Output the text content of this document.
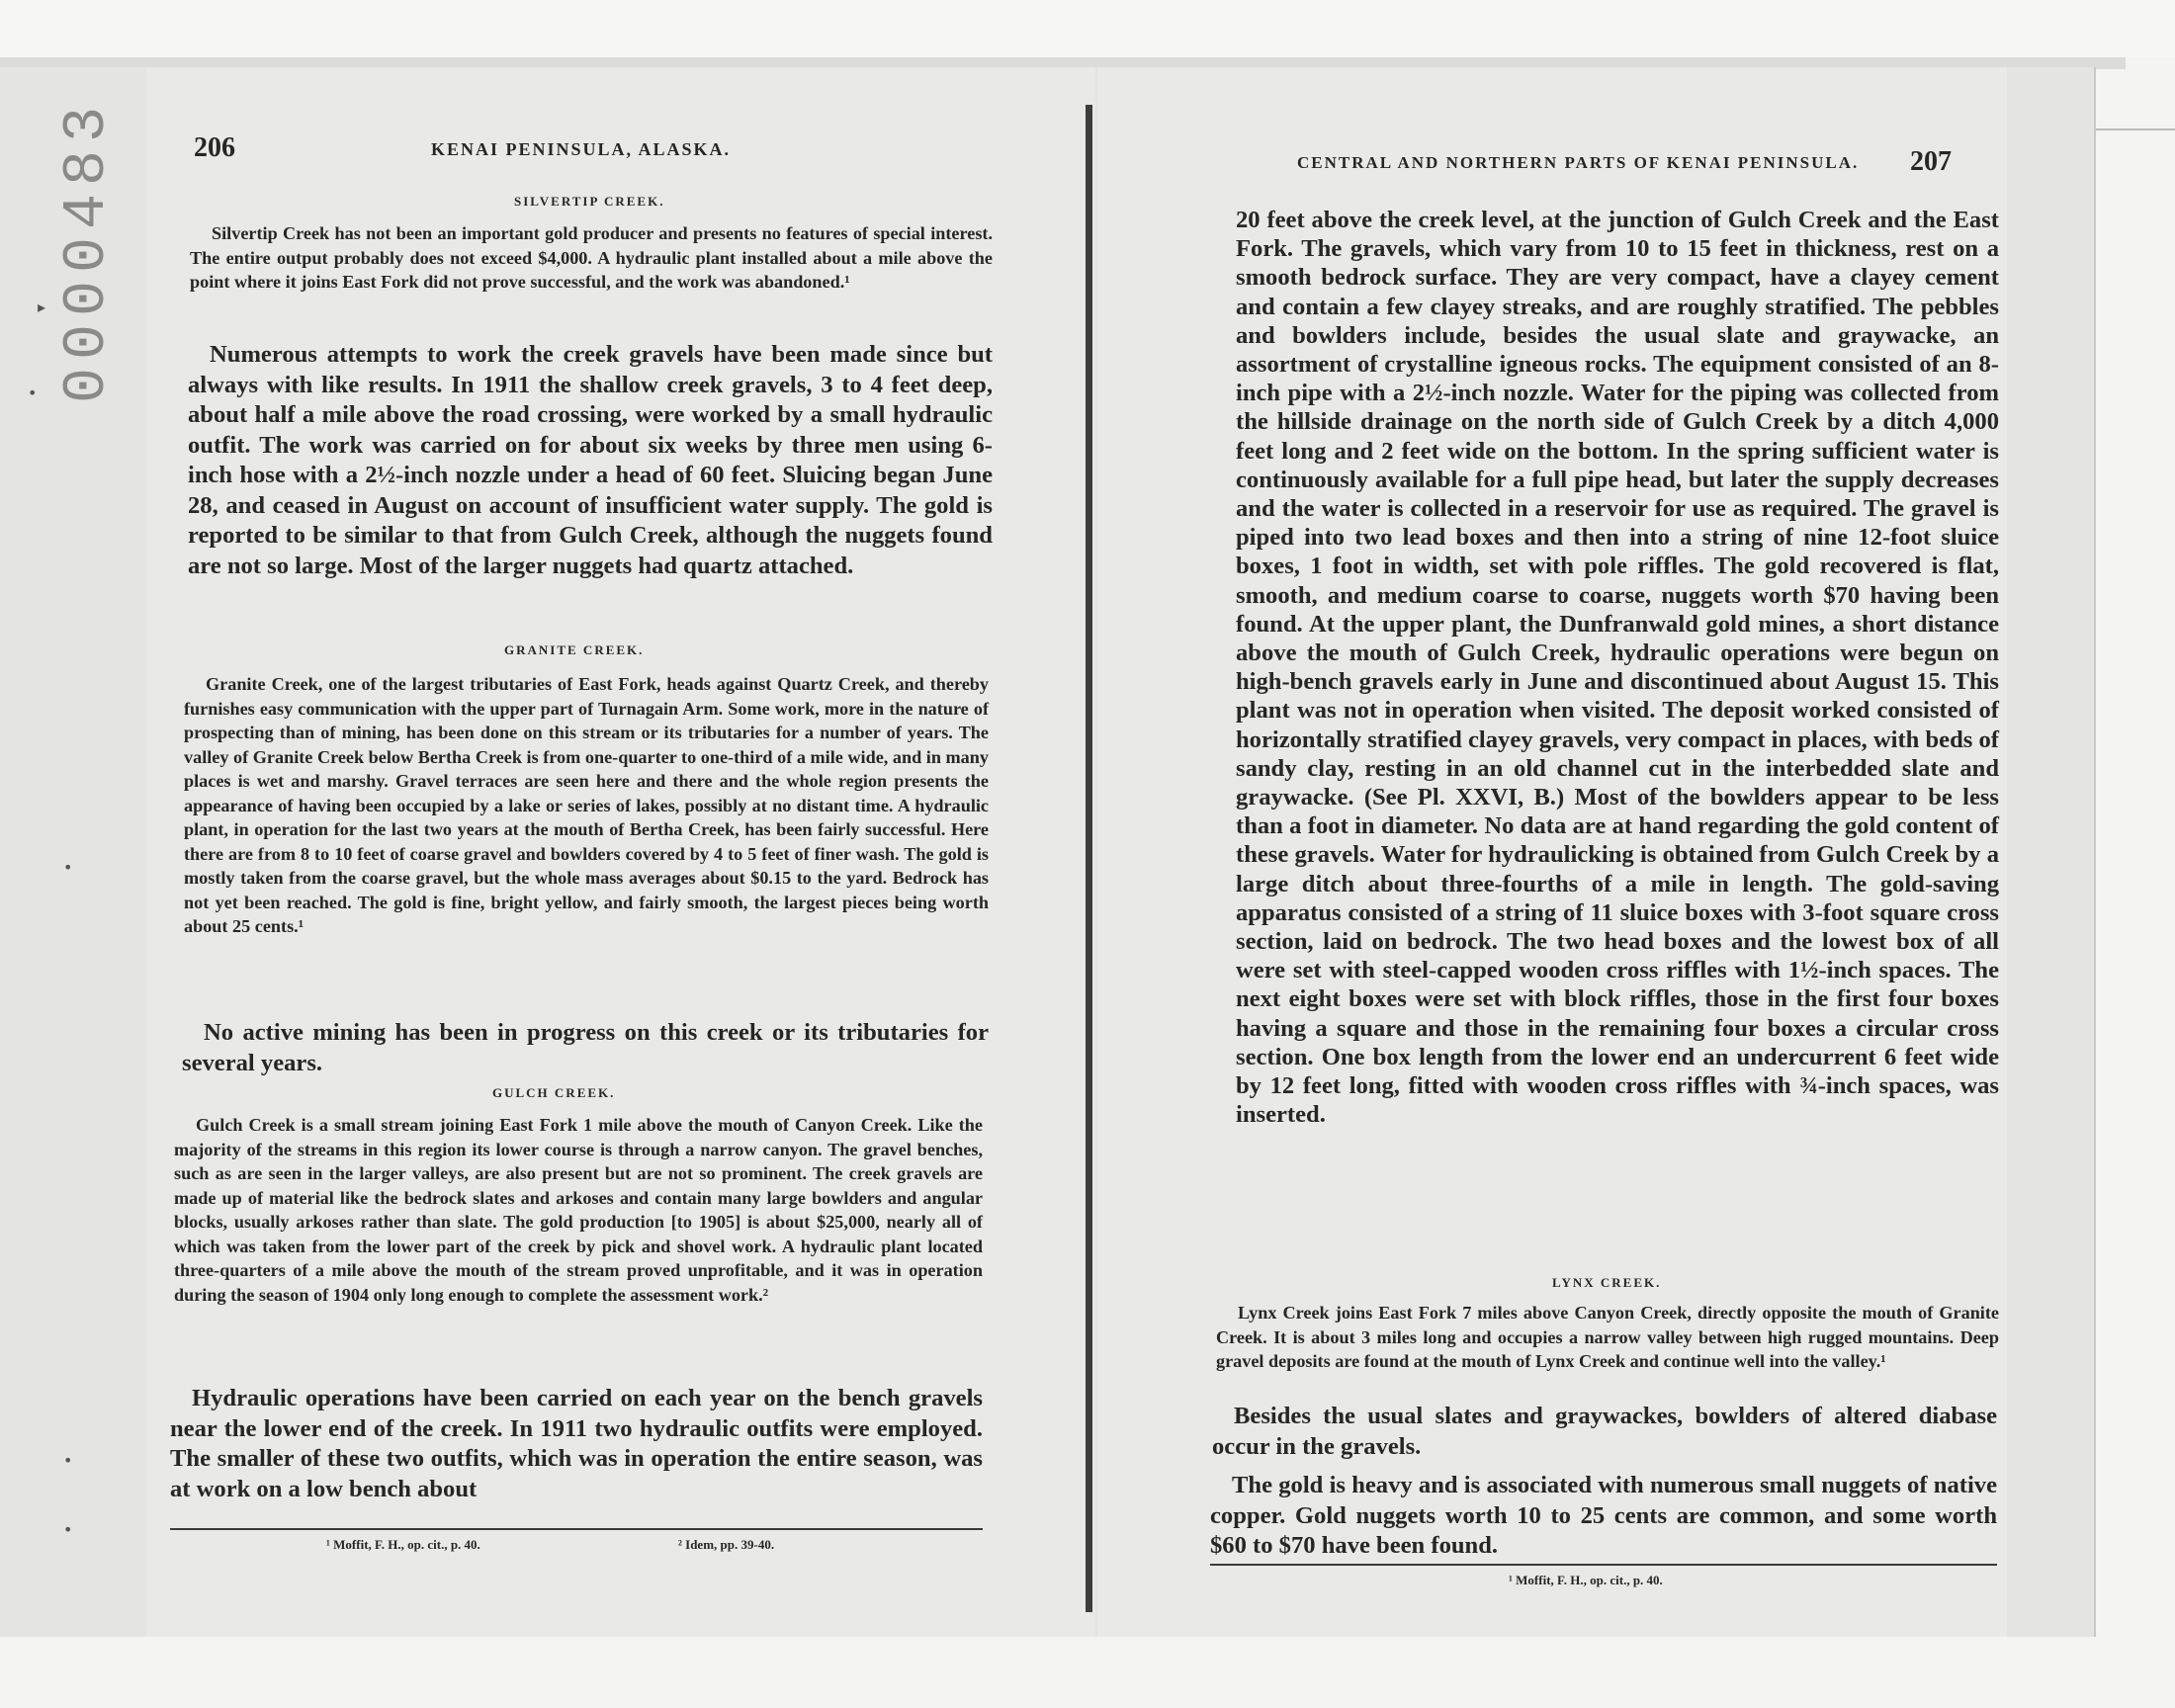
0000483
▸
•
•
•
•
206	KENAI PENINSULA, ALASKA.
SILVERTIP CREEK.

Silvertip Creek has not been an important gold producer and presents no features of special interest. The entire output probably does not exceed $4,000. A hydraulic plant installed about a mile above the point where it joins East Fork did not prove successful, and the work was abandoned.¹

Numerous attempts to work the creek gravels have been made since but always with like results. In 1911 the shallow creek gravels, 3 to 4 feet deep, about half a mile above the road crossing, were worked by a small hydraulic outfit. The work was carried on for about six weeks by three men using 6-inch hose with a 2½-inch nozzle under a head of 60 feet. Sluicing began June 28, and ceased in August on account of insufficient water supply. The gold is reported to be similar to that from Gulch Creek, although the nuggets found are not so large. Most of the larger nuggets had quartz attached.

GRANITE CREEK.

Granite Creek, one of the largest tributaries of East Fork, heads against Quartz Creek, and thereby furnishes easy communication with the upper part of Turnagain Arm. Some work, more in the nature of prospecting than of mining, has been done on this stream or its tributaries for a number of years. The valley of Granite Creek below Bertha Creek is from one-quarter to one-third of a mile wide, and in many places is wet and marshy. Gravel terraces are seen here and there and the whole region presents the appearance of having been occupied by a lake or series of lakes, possibly at no distant time. A hydraulic plant, in operation for the last two years at the mouth of Bertha Creek, has been fairly successful. Here there are from 8 to 10 feet of coarse gravel and bowlders covered by 4 to 5 feet of finer wash. The gold is mostly taken from the coarse gravel, but the whole mass averages about $0.15 to the yard. Bedrock has not yet been reached. The gold is fine, bright yellow, and fairly smooth, the largest pieces being worth about 25 cents.¹

No active mining has been in progress on this creek or its tributaries for several years.

GULCH CREEK.

Gulch Creek is a small stream joining East Fork 1 mile above the mouth of Canyon Creek. Like the majority of the streams in this region its lower course is through a narrow canyon. The gravel benches, such as are seen in the larger valleys, are also present but are not so prominent. The creek gravels are made up of material like the bedrock slates and arkoses and contain many large bowlders and angular blocks, usually arkoses rather than slate. The gold production [to 1905] is about $25,000, nearly all of which was taken from the lower part of the creek by pick and shovel work. A hydraulic plant located three-quarters of a mile above the mouth of the stream proved unprofitable, and it was in operation during the season of 1904 only long enough to complete the assessment work.²

Hydraulic operations have been carried on each year on the bench gravels near the lower end of the creek. In 1911 two hydraulic outfits were employed. The smaller of these two outfits, which was in operation the entire season, was at work on a low bench about

¹ Moffit, F. H., op. cit., p. 40.	² Idem, pp. 39-40.
CENTRAL AND NORTHERN PARTS OF KENAI PENINSULA. 207

20 feet above the creek level, at the junction of Gulch Creek and the East Fork. The gravels, which vary from 10 to 15 feet in thickness, rest on a smooth bedrock surface. They are very compact, have a clayey cement and contain a few clayey streaks, and are roughly stratified. The pebbles and bowlders include, besides the usual slate and graywacke, an assortment of crystalline igneous rocks. The equipment consisted of an 8-inch pipe with a 2½-inch nozzle. Water for the piping was collected from the hillside drainage on the north side of Gulch Creek by a ditch 4,000 feet long and 2 feet wide on the bottom. In the spring sufficient water is continuously available for a full pipe head, but later the supply decreases and the water is collected in a reservoir for use as required. The gravel is piped into two lead boxes and then into a string of nine 12-foot sluice boxes, 1 foot in width, set with pole riffles. The gold recovered is flat, smooth, and medium coarse to coarse, nuggets worth $70 having been found. At the upper plant, the Dunfranwald gold mines, a short distance above the mouth of Gulch Creek, hydraulic operations were begun on high-bench gravels early in June and discontinued about August 15. This plant was not in operation when visited. The deposit worked consisted of horizontally stratified clayey gravels, very compact in places, with beds of sandy clay, resting in an old channel cut in the interbedded slate and graywacke. (See Pl. XXVI, B.) Most of the bowlders appear to be less than a foot in diameter. No data are at hand regarding the gold content of these gravels. Water for hydraulicking is obtained from Gulch Creek by a large ditch about three-fourths of a mile in length. The gold-saving apparatus consisted of a string of 11 sluice boxes with 3-foot square cross section, laid on bedrock. The two head boxes and the lowest box of all were set with steel-capped wooden cross riffles with 1½-inch spaces. The next eight boxes were set with block riffles, those in the first four boxes having a square and those in the remaining four boxes a circular cross section. One box length from the lower end an undercurrent 6 feet wide by 12 feet long, fitted with wooden cross riffles with ¾-inch spaces, was inserted.

LYNX CREEK.

Lynx Creek joins East Fork 7 miles above Canyon Creek, directly opposite the mouth of Granite Creek. It is about 3 miles long and occupies a narrow valley between high rugged mountains. Deep gravel deposits are found at the mouth of Lynx Creek and continue well into the valley.¹

Besides the usual slates and graywackes, bowlders of altered diabase occur in the gravels.

The gold is heavy and is associated with numerous small nuggets of native copper. Gold nuggets worth 10 to 25 cents are common, and some worth $60 to $70 have been found.

¹ Moffit, F. H., op. cit., p. 40.
